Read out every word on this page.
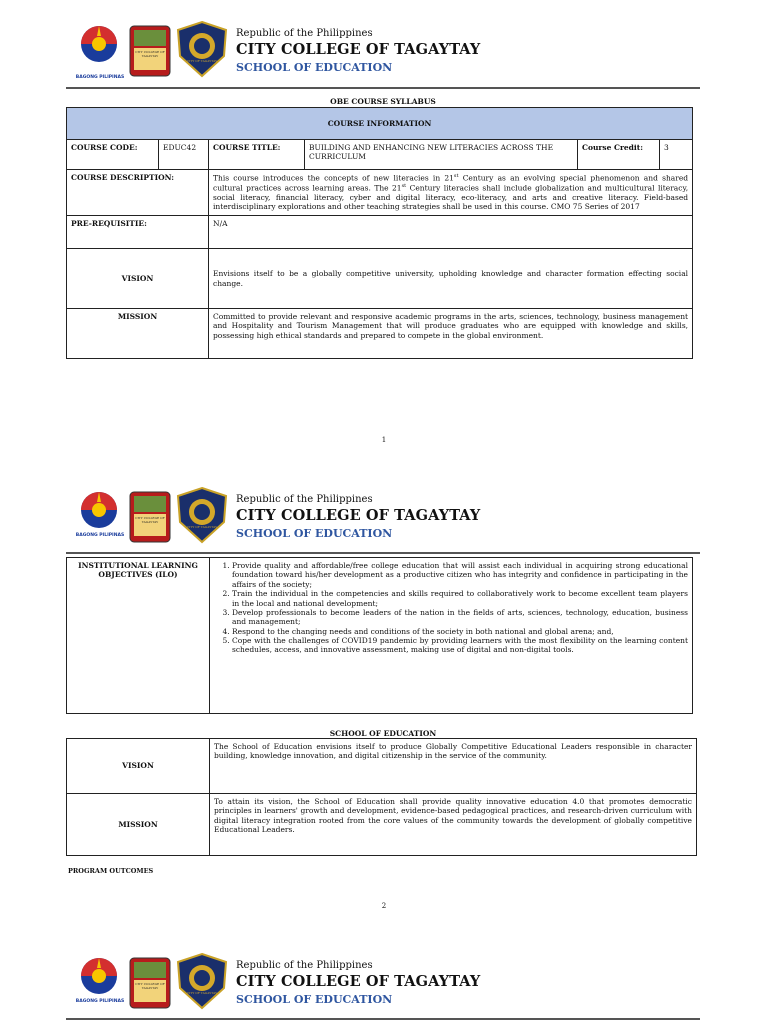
BAGONG PILIPINAS
CITY COLLEGE OF TAGAYTAY
CITY OF TAGAYTAY
Republic of the Philippines
CITY COLLEGE OF TAGAYTAY
SCHOOL OF EDUCATION
OBE COURSE SYLLABUS
COURSE INFORMATION					
COURSE CODE:	EDUC42	COURSE TITLE:	BUILDING AND ENHANCING NEW LITERACIES ACROSS THE CURRICULUM	Course Credit:	3
COURSE DESCRIPTION:		This course introduces the concepts of new literacies in 21st Century as an evolving special phenomenon and shared cultural practices across learning areas. The 21st Century literacies shall include globalization and multicultural literacy, social literacy, financial literacy, cyber and digital literacy, eco-literacy, and arts and creative literacy. Field-based interdisciplinary explorations and other teaching strategies shall be used in this course. CMO 75 Series of 2017			
PRE-REQUISITIE:		N/A			
VISION		Envisions itself to be a globally competitive university, upholding knowledge and character formation effecting social change.			
MISSION		Committed to provide relevant and responsive academic programs in the arts, sciences, technology, business management and Hospitality and Tourism Management that will produce graduates who are equipped with knowledge and skills, possessing high ethical standards and prepared to compete in the global environment.			
1
BAGONG PILIPINAS
CITY COLLEGE OF TAGAYTAY
CITY OF TAGAYTAY
Republic of the Philippines
CITY COLLEGE OF TAGAYTAY
SCHOOL OF EDUCATION
INSTITUTIONAL LEARNING OBJECTIVES (ILO)	
1. Provide quality and affordable/free college education that will assist each individual in acquiring strong educational foundation toward his/her development as a productive citizen who has integrity and confidence in participating in the affairs of the society;
2. Train the individual in the competencies and skills required to collaboratively work to become excellent team players in the local and national development;
3. Develop professionals to become leaders of the nation in the fields of arts, sciences, technology, education, business and management;
4. Respond to the changing needs and conditions of the society in both national and global arena; and,
5. Cope with the challenges of COVID19 pandemic by providing learners with the most flexibility on the learning content schedules, access, and innovative assessment, making use of digital and non-digital tools.
SCHOOL OF EDUCATION
VISION	The School of Education envisions itself to produce Globally Competitive Educational Leaders responsible in character building, knowledge innovation, and digital citizenship in the service of the community.
MISSION	To attain its vision, the School of Education shall provide quality innovative education 4.0 that promotes democratic principles in learners' growth and development, evidence-based pedagogical practices, and research-driven curriculum with digital literacy integration rooted from the core values of the community towards the development of globally competitive Educational Leaders.
PROGRAM OUTCOMES
2
BAGONG PILIPINAS
CITY COLLEGE OF TAGAYTAY
CITY OF TAGAYTAY
Republic of the Philippines
CITY COLLEGE OF TAGAYTAY
SCHOOL OF EDUCATION
